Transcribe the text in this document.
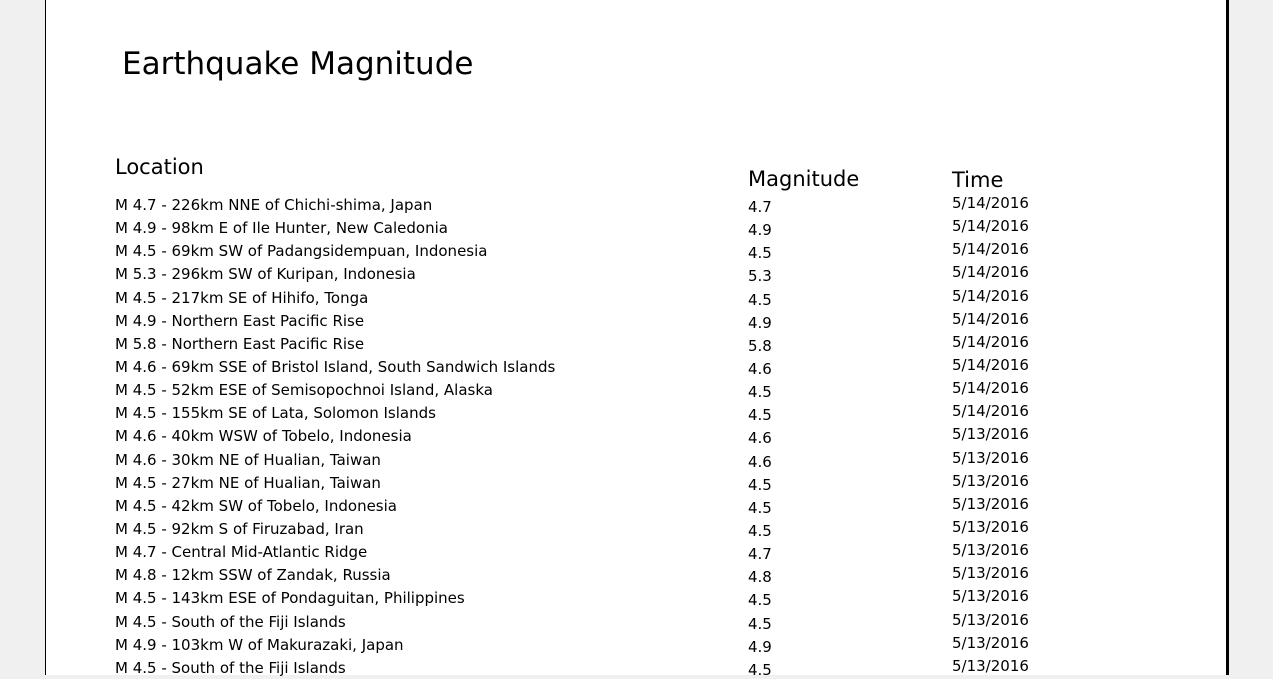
Earthquake Magnitude
Location	Magnitude	Time
M 4.7 - 226km NNE of Chichi-shima, Japan	4.7	5/14/2016
M 4.9 - 98km E of Ile Hunter, New Caledonia	4.9	5/14/2016
M 4.5 - 69km SW of Padangsidempuan, Indonesia	4.5	5/14/2016
M 5.3 - 296km SW of Kuripan, Indonesia	5.3	5/14/2016
M 4.5 - 217km SE of Hihifo, Tonga	4.5	5/14/2016
M 4.9 - Northern East Pacific Rise	4.9	5/14/2016
M 5.8 - Northern East Pacific Rise	5.8	5/14/2016
M 4.6 - 69km SSE of Bristol Island, South Sandwich Islands	4.6	5/14/2016
M 4.5 - 52km ESE of Semisopochnoi Island, Alaska	4.5	5/14/2016
M 4.5 - 155km SE of Lata, Solomon Islands	4.5	5/14/2016
M 4.6 - 40km WSW of Tobelo, Indonesia	4.6	5/13/2016
M 4.6 - 30km NE of Hualian, Taiwan	4.6	5/13/2016
M 4.5 - 27km NE of Hualian, Taiwan	4.5	5/13/2016
M 4.5 - 42km SW of Tobelo, Indonesia	4.5	5/13/2016
M 4.5 - 92km S of Firuzabad, Iran	4.5	5/13/2016
M 4.7 - Central Mid-Atlantic Ridge	4.7	5/13/2016
M 4.8 - 12km SSW of Zandak, Russia	4.8	5/13/2016
M 4.5 - 143km ESE of Pondaguitan, Philippines	4.5	5/13/2016
M 4.5 - South of the Fiji Islands	4.5	5/13/2016
M 4.9 - 103km W of Makurazaki, Japan	4.9	5/13/2016
M 4.5 - South of the Fiji Islands	4.5	5/13/2016
